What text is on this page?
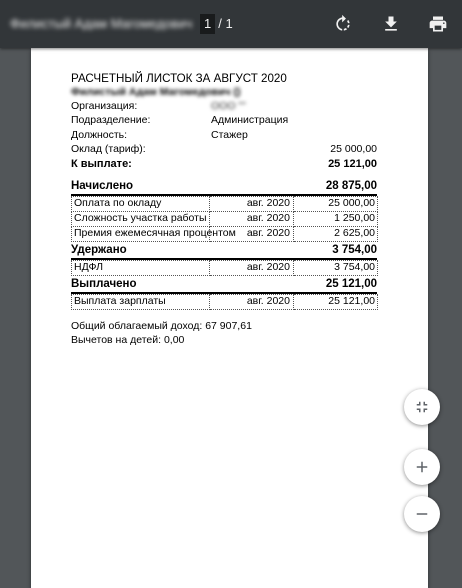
Филистый Адам Магомедович 1 / 1
РАСЧЕТНЫЙ ЛИСТОК ЗА АВГУСТ 2020
Филистый Адам Магомедович ()
Организация:	ООО ""
Подразделение:	Администрация
Должность:	Стажер
Оклад (тариф):	25 000,00
К выплате:	25 121,00
Начислено	28 875,00
Оплата по окладу	авг. 2020	25 000,00
Сложность участка работы	авг. 2020	1 250,00
Премия ежемесячная процентом	авг. 2020	2 625,00
Удержано	3 754,00
НДФЛ	авг. 2020	3 754,00
Выплачено	25 121,00
Выплата зарплаты	авг. 2020	25 121,00
Общий облагаемый доход: 67 907,61
Вычетов на детей: 0,00
